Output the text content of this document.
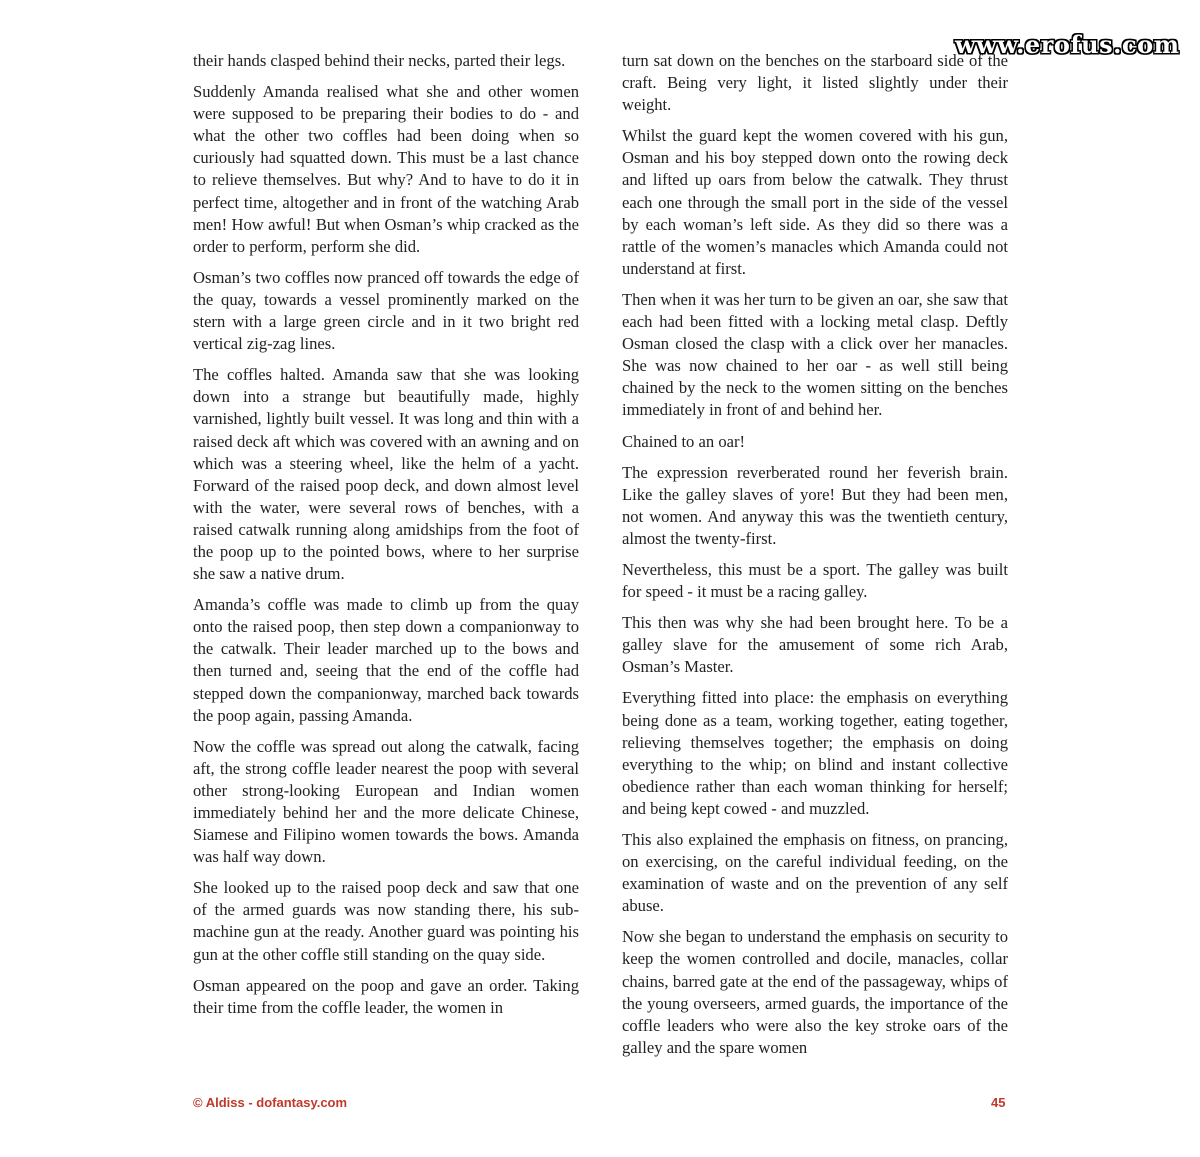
www.erofus.com

their hands clasped behind their necks, parted their legs.

Suddenly Amanda realised what she and other women were supposed to be preparing their bodies to do - and what the other two coffles had been doing when so curiously had squatted down. This must be a last chance to relieve themselves. But why? And to have to do it in perfect time, altogether and in front of the watching Arab men! How awful! But when Osman’s whip cracked as the order to perform, perform she did.

Osman’s two coffles now pranced off towards the edge of the quay, towards a vessel prominently marked on the stern with a large green circle and in it two bright red vertical zig-zag lines.

The coffles halted. Amanda saw that she was looking down into a strange but beautifully made, highly varnished, lightly built vessel. It was long and thin with a raised deck aft which was covered with an awning and on which was a steering wheel, like the helm of a yacht. Forward of the raised poop deck, and down almost level with the water, were several rows of benches, with a raised catwalk running along amidships from the foot of the poop up to the pointed bows, where to her surprise she saw a native drum.

Amanda’s coffle was made to climb up from the quay onto the raised poop, then step down a companionway to the catwalk. Their leader marched up to the bows and then turned and, seeing that the end of the coffle had stepped down the companionway, marched back towards the poop again, passing Amanda.

Now the coffle was spread out along the catwalk, facing aft, the strong coffle leader nearest the poop with several other strong-looking European and Indian women immediately behind her and the more delicate Chinese, Siamese and Filipino women towards the bows. Amanda was half way down.

She looked up to the raised poop deck and saw that one of the armed guards was now standing there, his sub-machine gun at the ready. Another guard was pointing his gun at the other coffle still standing on the quay side.

Osman appeared on the poop and gave an order. Taking their time from the coffle leader, the women in

turn sat down on the benches on the starboard side of the craft. Being very light, it listed slightly under their weight.

Whilst the guard kept the women covered with his gun, Osman and his boy stepped down onto the rowing deck and lifted up oars from below the catwalk. They thrust each one through the small port in the side of the vessel by each woman’s left side. As they did so there was a rattle of the women’s manacles which Amanda could not understand at first.

Then when it was her turn to be given an oar, she saw that each had been fitted with a locking metal clasp. Deftly Osman closed the clasp with a click over her manacles. She was now chained to her oar - as well still being chained by the neck to the women sitting on the benches immediately in front of and behind her.

Chained to an oar!

The expression reverberated round her feverish brain. Like the galley slaves of yore! But they had been men, not women. And anyway this was the twentieth century, almost the twenty-first.

Nevertheless, this must be a sport. The galley was built for speed - it must be a racing galley.

This then was why she had been brought here. To be a galley slave for the amusement of some rich Arab, Osman’s Master.

Everything fitted into place: the emphasis on everything being done as a team, working together, eating together, relieving themselves together; the emphasis on doing everything to the whip; on blind and instant collective obedience rather than each woman thinking for herself; and being kept cowed - and muzzled.

This also explained the emphasis on fitness, on prancing, on exercising, on the careful individual feeding, on the examination of waste and on the prevention of any self abuse.

Now she began to understand the emphasis on security to keep the women controlled and docile, manacles, collar chains, barred gate at the end of the passageway, whips of the young overseers, armed guards, the importance of the coffle leaders who were also the key stroke oars of the galley and the spare women

© Aldiss - dofantasy.com	45
